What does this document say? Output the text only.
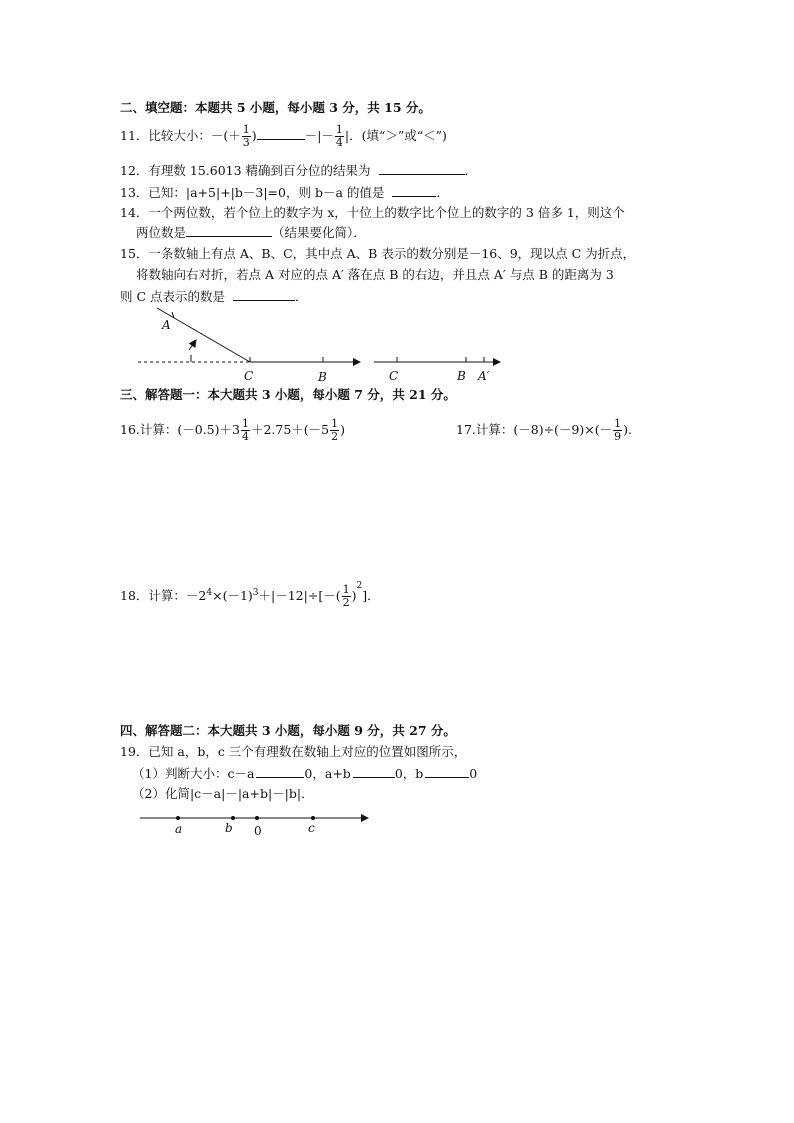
二、填空题：本题共 5 小题，每小题 3 分，共 15 分。
11．比较大小：－(＋ $\frac{1}{3}$ )	－|－ $\frac{1}{4}$ |．(填“＞”或“＜”)
12．有理数 15.6013 精确到百分位的结果为	．
13．已知：|a+5|+|b－3|=0，则 b－a 的值是	．
14．一个两位数，若个位上的数字为 x，十位上的数字比个位上的数字的 3 倍多 1，则这个
两位数是	（结果要化简）．
15．一条数轴上有点 A、B、C，其中点 A、B 表示的数分别是－16、9，现以点 C 为折点，
将数轴向右对折，若点 A 对应的点 A′ 落在点 B 的右边，并且点 A′ 与点 B 的距离为 3
则 C 点表示的数是	．
A
C	B	C	B A′
三、解答题一：本大题共 3 小题，每小题 7 分，共 21 分。
16.计算：$(-0.5)+3 \frac{1}{4} +2.75+(-5 \frac{1}{2}$ )	17.计算：$(-8)\div(-9)\times(- \frac{1}{9}$ ).
18．计算：$-2^4\times(-1)^3+|-12|\div[-( \frac{1}{2} )^2]$．
四、解答题二：本大题共 3 小题，每小题 9 分，共 27 分。
19．已知 a，b，c 三个有理数在数轴上对应的位置如图所示，
（1）判断大小：c－a	0，a+b	0，b	0
（2）化简|c－a|－|a+b|－|b|．
a	b 0	c
